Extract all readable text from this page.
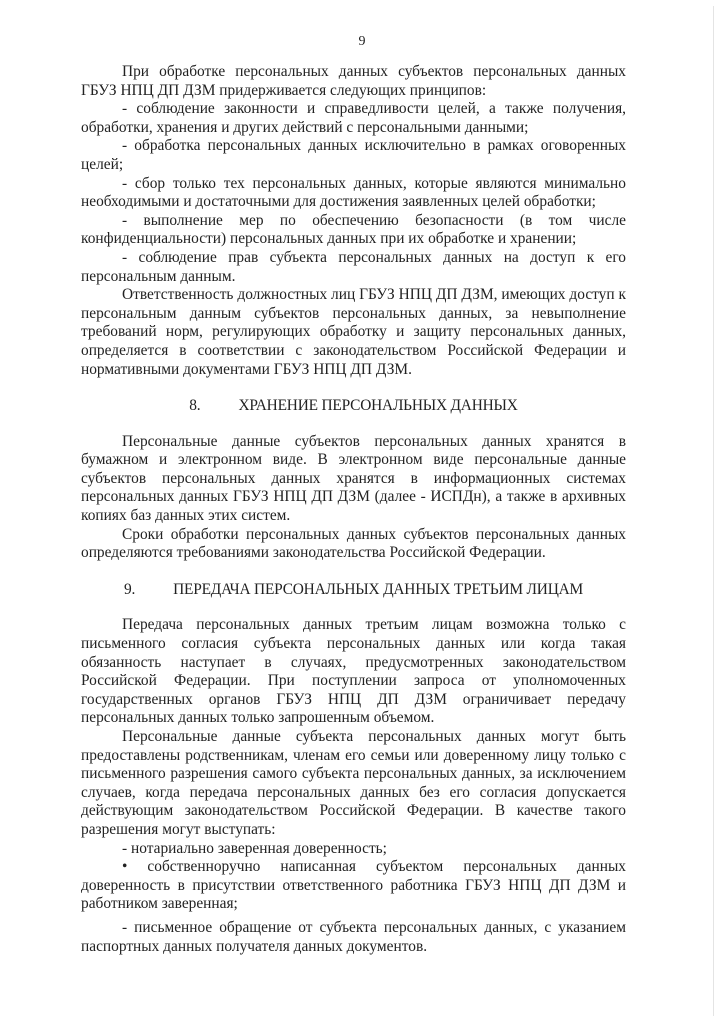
9

При обработке персональных данных субъектов персональных данных ГБУЗ НПЦ ДП ДЗМ придерживается следующих принципов:

- соблюдение законности и справедливости целей, а также получения, обработки, хранения и других действий с персональными данными;

- обработка персональных данных исключительно в рамках оговоренных целей;

- сбор только тех персональных данных, которые являются минимально необходимыми и достаточными для достижения заявленных целей обработки;

- выполнение мер по обеспечению безопасности (в том числе конфиденциальности) персональных данных при их обработке и хранении;

- соблюдение прав субъекта персональных данных на доступ к его персональным данным.

Ответственность должностных лиц ГБУЗ НПЦ ДП ДЗМ, имеющих доступ к персональным данным субъектов персональных данных, за невыполнение требований норм, регулирующих обработку и защиту персональных данных, определяется в соответствии с законодательством Российской Федерации и нормативными документами ГБУЗ НПЦ ДП ДЗМ.

8. ХРАНЕНИЕ ПЕРСОНАЛЬНЫХ ДАННЫХ

Персональные данные субъектов персональных данных хранятся в бумажном и электронном виде. В электронном виде персональные данные субъектов персональных данных хранятся в информационных системах персональных данных ГБУЗ НПЦ ДП ДЗМ (далее - ИСПДн), а также в архивных копиях баз данных этих систем.

Сроки обработки персональных данных субъектов персональных данных определяются требованиями законодательства Российской Федерации.

9. ПЕРЕДАЧА ПЕРСОНАЛЬНЫХ ДАННЫХ ТРЕТЬИМ ЛИЦАМ

Передача персональных данных третьим лицам возможна только с письменного согласия субъекта персональных данных или когда такая обязанность наступает в случаях, предусмотренных законодательством Российской Федерации. При поступлении запроса от уполномоченных государственных органов ГБУЗ НПЦ ДП ДЗМ ограничивает передачу персональных данных только запрошенным объемом.

Персональные данные субъекта персональных данных могут быть предоставлены родственникам, членам его семьи или доверенному лицу только с письменного разрешения самого субъекта персональных данных, за исключением случаев, когда передача персональных данных без его согласия допускается действующим законодательством Российской Федерации. В качестве такого разрешения могут выступать:

- нотариально заверенная доверенность;

• собственноручно написанная субъектом персональных данных доверенность в присутствии ответственного работника ГБУЗ НПЦ ДП ДЗМ и работником заверенная;

- письменное обращение от субъекта персональных данных, с указанием паспортных данных получателя данных документов.
